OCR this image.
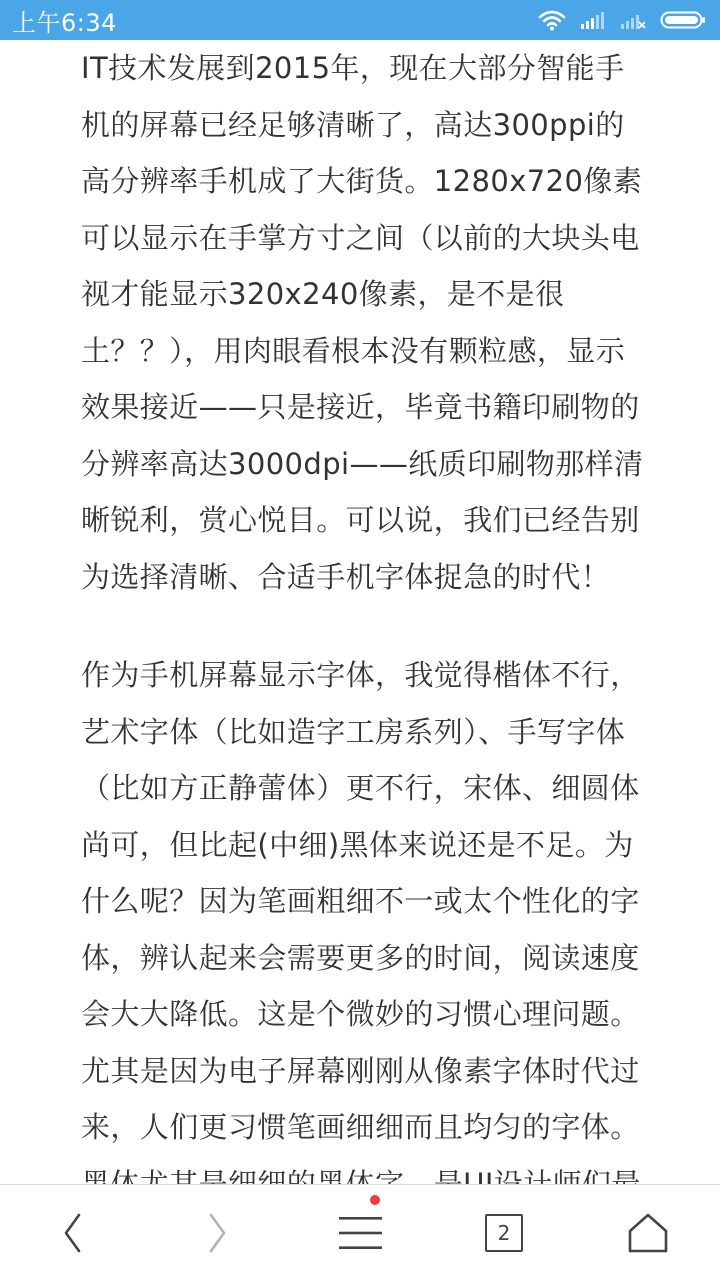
上午6:34

IT技术发展到2015年，现在大部分智能手机的屏幕已经足够清晰了，高达300ppi的高分辨率手机成了大街货。1280x720像素可以显示在手掌方寸之间（以前的大块头电视才能显示320x240像素，是不是很土？？），用肉眼看根本没有颗粒感，显示效果接近——只是接近，毕竟书籍印刷物的分辨率高达3000dpi——纸质印刷物那样清晰锐利，赏心悦目。可以说，我们已经告别为选择清晰、合适手机字体捉急的时代！

作为手机屏幕显示字体，我觉得楷体不行，艺术字体（比如造字工房系列）、手写字体（比如方正静蕾体）更不行，宋体、细圆体尚可，但比起(中细)黑体来说还是不足。为什么呢？因为笔画粗细不一或太个性化的字体，辨认起来会需要更多的时间，阅读速度会大大降低。这是个微妙的习惯心理问题。尤其是因为电子屏幕刚刚从像素字体时代过来，人们更习惯笔画细细而且均匀的字体。

2
